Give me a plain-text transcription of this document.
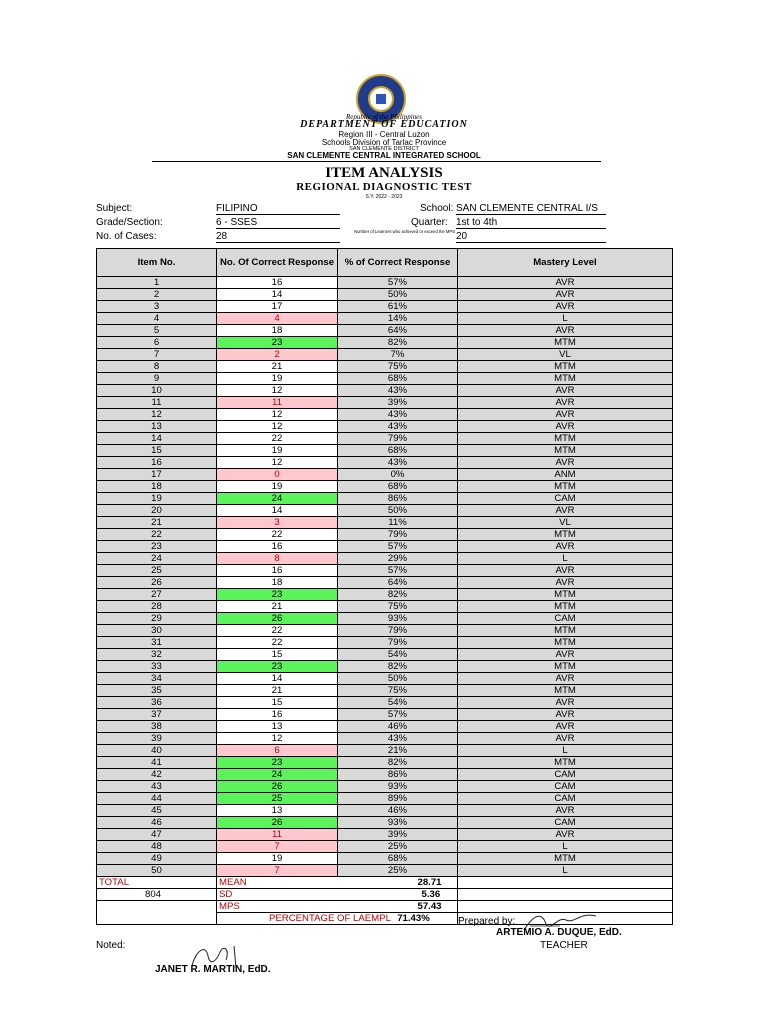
Republic of the Philippines
DEPARTMENT OF EDUCATION
Region III - Central Luzon
Schools Division of Tarlac Province
SAN CLEMENTE DISTRICT
SAN CLEMENTE CENTRAL INTEGRATED SCHOOL
ITEM ANALYSIS
REGIONAL DIAGNOSTIC TEST
S.Y. 2022 - 2023
Subject:	FILIPINO
Grade/Section:	6 - SSES
No. of Cases:	28
School: SAN CLEMENTE CENTRAL I/S
Quarter: 1st to 4th
Number of Learners who achieved or exceed the MPS 20
Item No.	No. Of Correct Response	% of Correct Response	Mastery Level
1	16	57%	AVR
2	14	50%	AVR
3	17	61%	AVR
4	4	14%	L
5	18	64%	AVR
6	23	82%	MTM
7	2	7%	VL
8	21	75%	MTM
9	19	68%	MTM
10	12	43%	AVR
11	11	39%	AVR
12	12	43%	AVR
13	12	43%	AVR
14	22	79%	MTM
15	19	68%	MTM
16	12	43%	AVR
17	0	0%	ANM
18	19	68%	MTM
19	24	86%	CAM
20	14	50%	AVR
21	3	11%	VL
22	22	79%	MTM
23	16	57%	AVR
24	8	29%	L
25	16	57%	AVR
26	18	64%	AVR
27	23	82%	MTM
28	21	75%	MTM
29	26	93%	CAM
30	22	79%	MTM
31	22	79%	MTM
32	15	54%	AVR
33	23	82%	MTM
34	14	50%	AVR
35	21	75%	MTM
36	15	54%	AVR
37	16	57%	AVR
38	13	46%	AVR
39	12	43%	AVR
40	6	21%	L
41	23	82%	MTM
42	24	86%	CAM
43	26	93%	CAM
44	25	89%	CAM
45	13	46%	AVR
46	26	93%	CAM
47	11	39%	AVR
48	7	25%	L
49	19	68%	MTM
50	7	25%	L
TOTAL	MEAN	28.71	
804	SD	5.36	
	MPS	57.43	
	PERCENTAGE OF LAEMPL 71.43%			Prepared by:
ARTEMIO A. DUQUE, EdD.
TEACHER
Noted:
JANET R. MARTIN, EdD.
